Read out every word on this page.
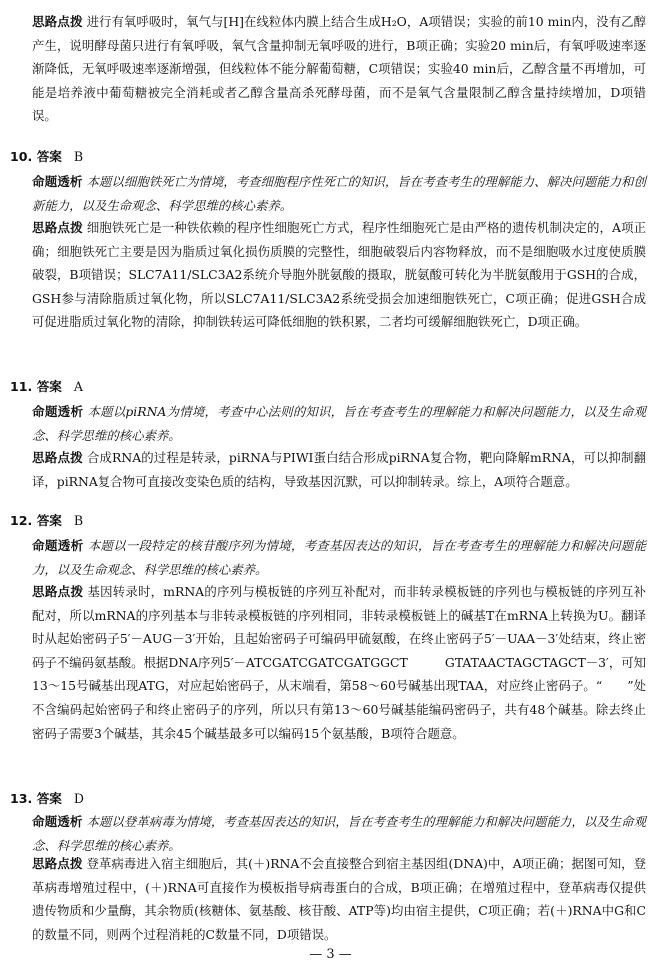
思路点拨 进行有氧呼吸时，氧气与[H]在线粒体内膜上结合生成H₂O，A项错误；实验的前10 min内，没有乙醇产生，说明酵母菌只进行有氧呼吸，氧气含量抑制无氧呼吸的进行，B项正确；实验20 min后，有氧呼吸速率逐渐降低，无氧呼吸速率逐渐增强，但线粒体不能分解葡萄糖，C项错误；实验40 min后，乙醇含量不再增加，可能是培养液中葡萄糖被完全消耗或者乙醇含量高杀死酵母菌，而不是氧气含量限制乙醇含量持续增加，D项错误。

10. 答案 B

命题透析 本题以细胞铁死亡为情境，考查细胞程序性死亡的知识，旨在考查考生的理解能力、解决问题能力和创新能力，以及生命观念、科学思维的核心素养。

思路点拨 细胞铁死亡是一种铁依赖的程序性细胞死亡方式，程序性细胞死亡是由严格的遗传机制决定的，A项正确；细胞铁死亡主要是因为脂质过氧化损伤质膜的完整性，细胞破裂后内容物释放，而不是细胞吸水过度使质膜破裂，B项错误；SLC7A11/SLC3A2系统介导胞外胱氨酸的摄取，胱氨酸可转化为半胱氨酸用于GSH的合成，GSH参与清除脂质过氧化物，所以SLC7A11/SLC3A2系统受损会加速细胞铁死亡，C项正确；促进GSH合成可促进脂质过氧化物的清除，抑制铁转运可降低细胞的铁积累，二者均可缓解细胞铁死亡，D项正确。

11. 答案 A

命题透析 本题以piRNA为情境，考查中心法则的知识，旨在考查考生的理解能力和解决问题能力，以及生命观念、科学思维的核心素养。

思路点拨 合成RNA的过程是转录，piRNA与PIWI蛋白结合形成piRNA复合物，靶向降解mRNA，可以抑制翻译，piRNA复合物可直接改变染色质的结构，导致基因沉默，可以抑制转录。综上，A项符合题意。

12. 答案 B

命题透析 本题以一段特定的核苷酸序列为情境，考查基因表达的知识，旨在考查考生的理解能力和解决问题能力，以及生命观念、科学思维的核心素养。

思路点拨 基因转录时，mRNA的序列与模板链的序列互补配对，而非转录模板链的序列也与模板链的序列互补配对，所以mRNA的序列基本与非转录模板链的序列相同，非转录模板链上的碱基T在mRNA上转换为U。翻译时从起始密码子5′－AUG－3′开始，且起始密码子可编码甲硫氨酸，在终止密码子5′－UAA－3′处结束，终止密码子不编码氨基酸。根据DNA序列5′－ATCGATCGATCGATGGCT　　　GTATAACTAGCTAGCT－3′，可知13～15号碱基出现ATG，对应起始密码子，从末端看，第58～60号碱基出现TAA，对应终止密码子。“　　”处不含编码起始密码子和终止密码子的序列，所以只有第13～60号碱基能编码密码子，共有48个碱基。除去终止密码子需要3个碱基，其余45个碱基最多可以编码15个氨基酸，B项符合题意。

13. 答案 D

命题透析 本题以登革病毒为情境，考查基因表达的知识，旨在考查考生的理解能力和解决问题能力，以及生命观念、科学思维的核心素养。

思路点拨 登革病毒进入宿主细胞后，其(＋)RNA不会直接整合到宿主基因组(DNA)中，A项正确；据图可知，登革病毒增殖过程中，(＋)RNA可直接作为模板指导病毒蛋白的合成，B项正确；在增殖过程中，登革病毒仅提供遗传物质和少量酶，其余物质(核糖体、氨基酸、核苷酸、ATP等)均由宿主提供，C项正确；若(＋)RNA中G和C的数量不同，则两个过程消耗的C数量不同，D项错误。

— 3 —
